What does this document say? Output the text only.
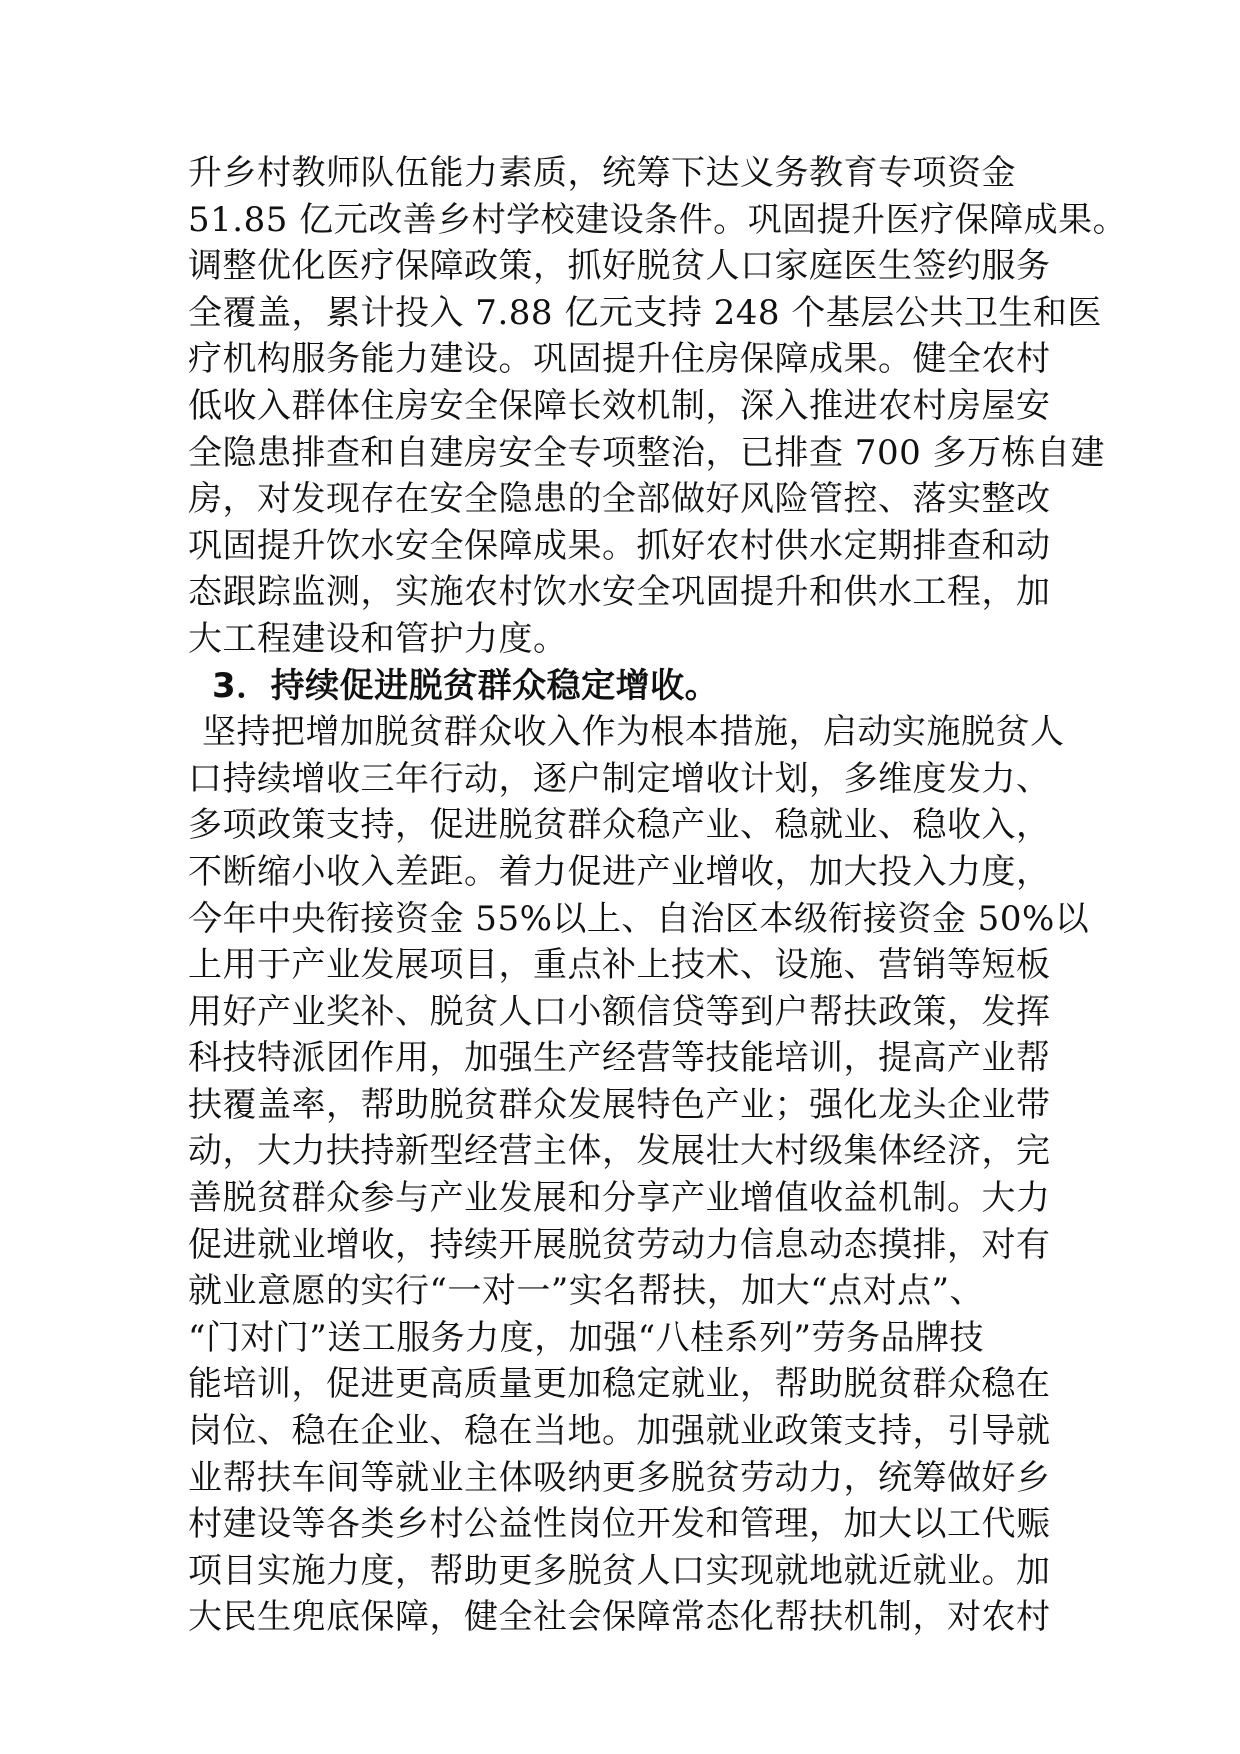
升乡村教师队伍能力素质，统筹下达义务教育专项资金
51.85 亿元改善乡村学校建设条件。巩固提升医疗保障成果。
调整优化医疗保障政策，抓好脱贫人口家庭医生签约服务
全覆盖，累计投入 7.88 亿元支持 248 个基层公共卫生和医
疗机构服务能力建设。巩固提升住房保障成果。健全农村
低收入群体住房安全保障长效机制，深入推进农村房屋安
全隐患排查和自建房安全专项整治，已排查 700 多万栋自建
房，对发现存在安全隐患的全部做好风险管控、落实整改
巩固提升饮水安全保障成果。抓好农村供水定期排查和动
态跟踪监测，实施农村饮水安全巩固提升和供水工程，加
大工程建设和管护力度。
3．持续促进脱贫群众稳定增收。
坚持把增加脱贫群众收入作为根本措施，启动实施脱贫人
口持续增收三年行动，逐户制定增收计划，多维度发力、
多项政策支持，促进脱贫群众稳产业、稳就业、稳收入，
不断缩小收入差距。着力促进产业增收，加大投入力度，
今年中央衔接资金 55%以上、自治区本级衔接资金 50%以
上用于产业发展项目，重点补上技术、设施、营销等短板
用好产业奖补、脱贫人口小额信贷等到户帮扶政策，发挥
科技特派团作用，加强生产经营等技能培训，提高产业帮
扶覆盖率，帮助脱贫群众发展特色产业；强化龙头企业带
动，大力扶持新型经营主体，发展壮大村级集体经济，完
善脱贫群众参与产业发展和分享产业增值收益机制。大力
促进就业增收，持续开展脱贫劳动力信息动态摸排，对有
就业意愿的实行“一对一”实名帮扶，加大“点对点”、
“门对门”送工服务力度，加强“八桂系列”劳务品牌技
能培训，促进更高质量更加稳定就业，帮助脱贫群众稳在
岗位、稳在企业、稳在当地。加强就业政策支持，引导就
业帮扶车间等就业主体吸纳更多脱贫劳动力，统筹做好乡
村建设等各类乡村公益性岗位开发和管理，加大以工代赈
项目实施力度，帮助更多脱贫人口实现就地就近就业。加
大民生兜底保障，健全社会保障常态化帮扶机制，对农村
